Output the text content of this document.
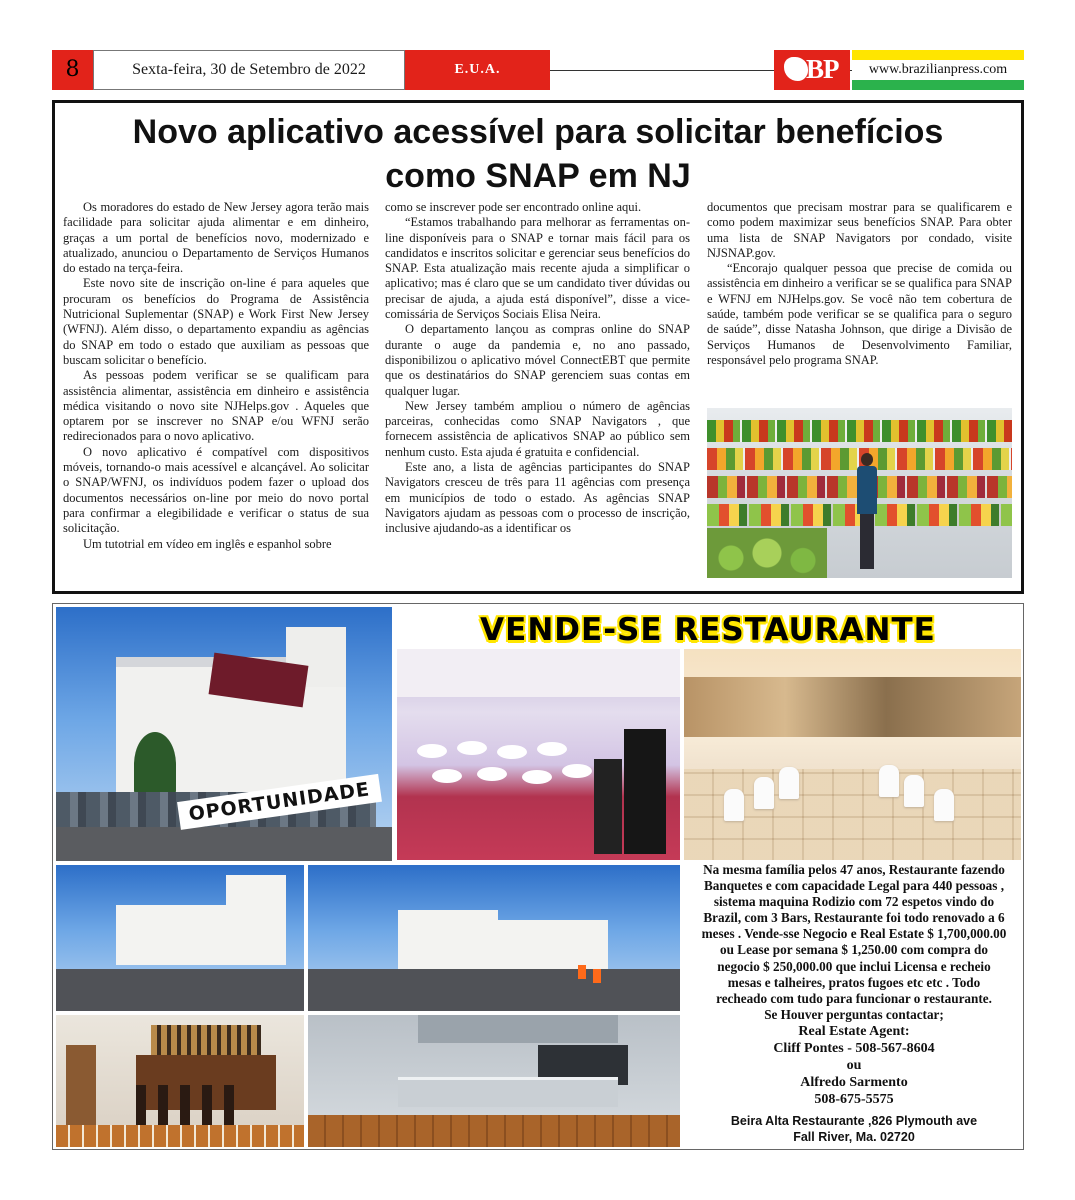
8	Sexta-feira, 30 de Setembro de 2022	E.U.A.	BP	www.brazilianpress.com
Novo aplicativo acessível para solicitar benefícios
como SNAP em NJ

Os moradores do estado de New Jersey agora terão mais facilidade para solicitar ajuda alimentar e em dinheiro, graças a um portal de benefícios novo, modernizado e atualizado, anunciou o Departamento de Serviços Humanos do estado na terça-feira.

Este novo site de inscrição on-line é para aqueles que procuram os benefícios do Programa de Assistência Nutricional Suplementar (SNAP) e Work First New Jersey (WFNJ). Além disso, o departamento expandiu as agências do SNAP em todo o estado que auxiliam as pessoas que buscam solicitar o benefício.

As pessoas podem verificar se se qualificam para assistência alimentar, assistência em dinheiro e assistência médica visitando o novo site NJHelps.gov . Aqueles que optarem por se inscrever no SNAP e/ou WFNJ serão redirecionados para o novo aplicativo.

O novo aplicativo é compatível com dispositivos móveis, tornando-o mais acessível e alcançável. Ao solicitar o SNAP/WFNJ, os indivíduos podem fazer o upload dos documentos necessários on-line por meio do novo portal para confirmar a elegibilidade e verificar o status de sua solicitação.

Um tutotrial em vídeo em inglês e espanhol sobre

como se inscrever pode ser encontrado online aqui.

“Estamos trabalhando para melhorar as ferramentas on-line disponíveis para o SNAP e tornar mais fácil para os candidatos e inscritos solicitar e gerenciar seus benefícios do SNAP. Esta atualização mais recente ajuda a simplificar o aplicativo; mas é claro que se um candidato tiver dúvidas ou precisar de ajuda, a ajuda está disponível”, disse a vice-comissária de Serviços Sociais Elisa Neira.

O departamento lançou as compras online do SNAP durante o auge da pandemia e, no ano passado, disponibilizou o aplicativo móvel ConnectEBT que permite que os destinatários do SNAP gerenciem suas contas em qualquer lugar.

New Jersey também ampliou o número de agências parceiras, conhecidas como SNAP Navigators , que fornecem assistência de aplicativos SNAP ao público sem nenhum custo. Esta ajuda é gratuita e confidencial.

Este ano, a lista de agências participantes do SNAP Navigators cresceu de três para 11 agências com presença em municípios de todo o estado. As agências SNAP Navigators ajudam as pessoas com o processo de inscrição, inclusive ajudando-as a identificar os

documentos que precisam mostrar para se qualificarem e como podem maximizar seus benefícios SNAP. Para obter uma lista de SNAP Navigators por condado, visite NJSNAP.gov.

“Encorajo qualquer pessoa que precise de comida ou assistência em dinheiro a verificar se se qualifica para SNAP e WFNJ em NJHelps.gov. Se você não tem cobertura de saúde, também pode verificar se se qualifica para o seguro de saúde”, disse Natasha Johnson, que dirige a Divisão de Serviços Humanos de Desenvolvimento Familiar, responsável pelo programa SNAP.

OPORTUNIDADE
VENDE-SE RESTAURANTE
Na mesma família pelos 47 anos, Restaurante fazendo
Banquetes e com capacidade Legal para 440 pessoas ,
sistema maquina Rodizio com 72 espetos vindo do
Brazil, com 3 Bars, Restaurante foi todo renovado a 6
meses . Vende-sse Negocio e Real Estate $ 1,700,000.00
ou Lease por semana $ 1,250.00 com compra do
negocio $ 250,000.00 que inclui Licensa e recheio
mesas e talheires, pratos fugoes etc etc . Todo
recheado com tudo para funcionar o restaurante.
Se Houver perguntas contactar;
Real Estate Agent:
Cliff Pontes - 508-567-8604
ou
Alfredo Sarmento
508-675-5575
Beira Alta Restaurante ,826 Plymouth ave
Fall River, Ma. 02720
